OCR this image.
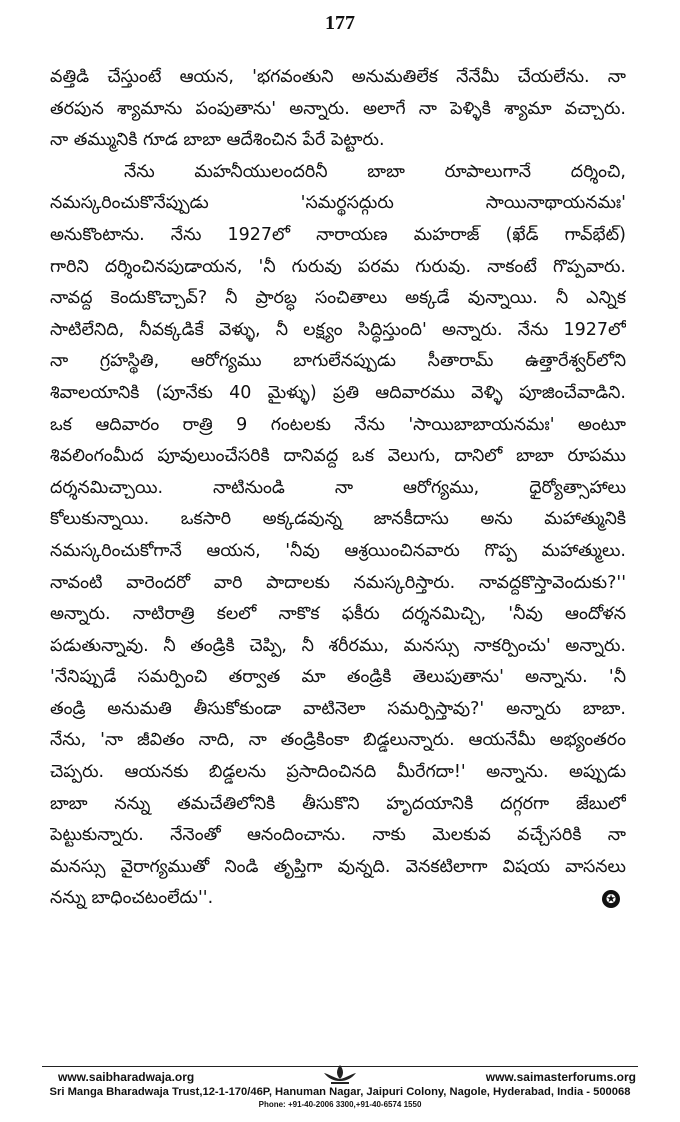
177
వత్తిడి చేస్తుంటే ఆయన, 'భగవంతుని అనుమతిలేక నేనేమీ చేయలేను. నా
తరపున శ్యామాను పంపుతాను' అన్నారు. అలాగే నా పెళ్ళికి శ్యామా వచ్చారు.
నా తమ్మునికి గూడ బాబా ఆదేశించిన పేరే పెట్టారు.
నేను మహనీయులందరినీ బాబా రూపాలుగానే దర్శించి,
నమస్కరించుకొనేప్పుడు 'సమర్థసద్గురు సాయినాథాయనమః'
అనుకొంటాను. నేను 1927లో నారాయణ మహరాజ్ (ఖేడ్ గావ్‌భేట్)
గారిని దర్శించినపుడాయన, 'నీ గురువు పరమ గురువు. నాకంటే గొప్పవారు.
నావద్ద కెందుకొచ్చావ్? నీ ప్రారబ్ధ సంచితాలు అక్కడే వున్నాయి. నీ ఎన్నిక
సాటిలేనిది, నీవక్కడికే వెళ్ళు, నీ లక్ష్యం సిద్ధిస్తుంది' అన్నారు. నేను 1927లో
నా గ్రహస్థితి, ఆరోగ్యము బాగులేనప్పుడు సీతారామ్ ఉత్తారేశ్వర్‌లోని
శివాలయానికి (పూనేకు 40 మైళ్ళు) ప్రతి ఆదివారము వెళ్ళి పూజించేవాడిని.
ఒక ఆదివారం రాత్రి 9 గంటలకు నేను 'సాయిబాబాయనమః' అంటూ
శివలింగంమీద పూవులుంచేసరికి దానివద్ద ఒక వెలుగు, దానిలో బాబా రూపము
దర్శనమిచ్చాయి. నాటినుండి నా ఆరోగ్యము, ధైర్యోత్సాహాలు
కోలుకున్నాయి. ఒకసారి అక్కడవున్న జానకీదాసు అను మహాత్మునికి
నమస్కరించుకోగానే ఆయన, 'నీవు ఆశ్రయించినవారు గొప్ప మహాత్ములు.
నావంటి వారెందరో వారి పాదాలకు నమస్కరిస్తారు. నావద్దకొస్తావెందుకు?''
అన్నారు. నాటిరాత్రి కలలో నాకొక ఫకీరు దర్శనమిచ్చి, 'నీవు ఆందోళన
పడుతున్నావు. నీ తండ్రికి చెప్పి, నీ శరీరము, మనస్సు నాకర్పించు' అన్నారు.
'నేనిప్పుడే సమర్పించి తర్వాత మా తండ్రికి తెలుపుతాను' అన్నాను. 'నీ
తండ్రి అనుమతి తీసుకోకుండా వాటినెలా సమర్పిస్తావు?' అన్నారు బాబా.
నేను, 'నా జీవితం నాది, నా తండ్రికింకా బిడ్డలున్నారు. ఆయనేమీ అభ్యంతరం
చెప్పరు. ఆయనకు బిడ్డలను ప్రసాదించినది మీరేగదా!' అన్నాను. అప్పుడు
బాబా నన్ను తమచేతిలోనికి తీసుకొని హృదయానికి దగ్గరగా జేబులో
పెట్టుకున్నారు. నేనెంతో ఆనందించాను. నాకు మెలకువ వచ్చేసరికి నా
మనస్సు వైరాగ్యముతో నిండి తృప్తిగా వున్నది. వెనకటిలాగా విషయ వాసనలు
నన్ను బాధించటంలేదు''.	✪
www.saibharadwaja.org	www.saimasterforums.org
Sri Manga Bharadwaja Trust,12-1-170/46P, Hanuman Nagar, Jaipuri Colony, Nagole, Hyderabad, India - 500068
Phone: +91-40-2006 3300,+91-40-6574 1550
